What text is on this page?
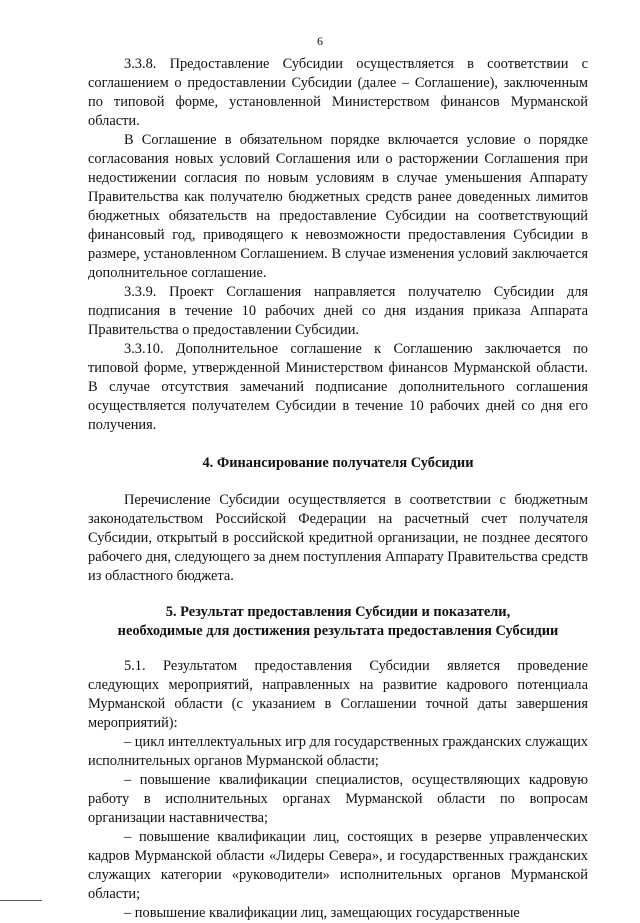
6

3.3.8. Предоставление Субсидии осуществляется в соответствии с соглашением о предоставлении Субсидии (далее – Соглашение), заключенным по типовой форме, установленной Министерством финансов Мурманской области.

В Соглашение в обязательном порядке включается условие о порядке согласования новых условий Соглашения или о расторжении Соглашения при недостижении согласия по новым условиям в случае уменьшения Аппарату Правительства как получателю бюджетных средств ранее доведенных лимитов бюджетных обязательств на предоставление Субсидии на соответствующий финансовый год, приводящего к невозможности предоставления Субсидии в размере, установленном Соглашением. В случае изменения условий заключается дополнительное соглашение.

3.3.9. Проект Соглашения направляется получателю Субсидии для подписания в течение 10 рабочих дней со дня издания приказа Аппарата Правительства о предоставлении Субсидии.

3.3.10. Дополнительное соглашение к Соглашению заключается по типовой форме, утвержденной Министерством финансов Мурманской области. В случае отсутствия замечаний подписание дополнительного соглашения осуществляется получателем Субсидии в течение 10 рабочих дней со дня его получения.

4. Финансирование получателя Субсидии

Перечисление Субсидии осуществляется в соответствии с бюджетным законодательством Российской Федерации на расчетный счет получателя Субсидии, открытый в российской кредитной организации, не позднее десятого рабочего дня, следующего за днем поступления Аппарату Правительства средств из областного бюджета.

5. Результат предоставления Субсидии и показатели,
необходимые для достижения результата предоставления Субсидии

5.1. Результатом предоставления Субсидии является проведение следующих мероприятий, направленных на развитие кадрового потенциала Мурманской области (с указанием в Соглашении точной даты завершения мероприятий):

– цикл интеллектуальных игр для государственных гражданских служащих исполнительных органов Мурманской области;

– повышение квалификации специалистов, осуществляющих кадровую работу в исполнительных органах Мурманской области по вопросам организации наставничества;

– повышение квалификации лиц, состоящих в резерве управленческих кадров Мурманской области «Лидеры Севера», и государственных гражданских служащих категории «руководители» исполнительных органов Мурманской области;

– повышение квалификации лиц, замещающих государственные
